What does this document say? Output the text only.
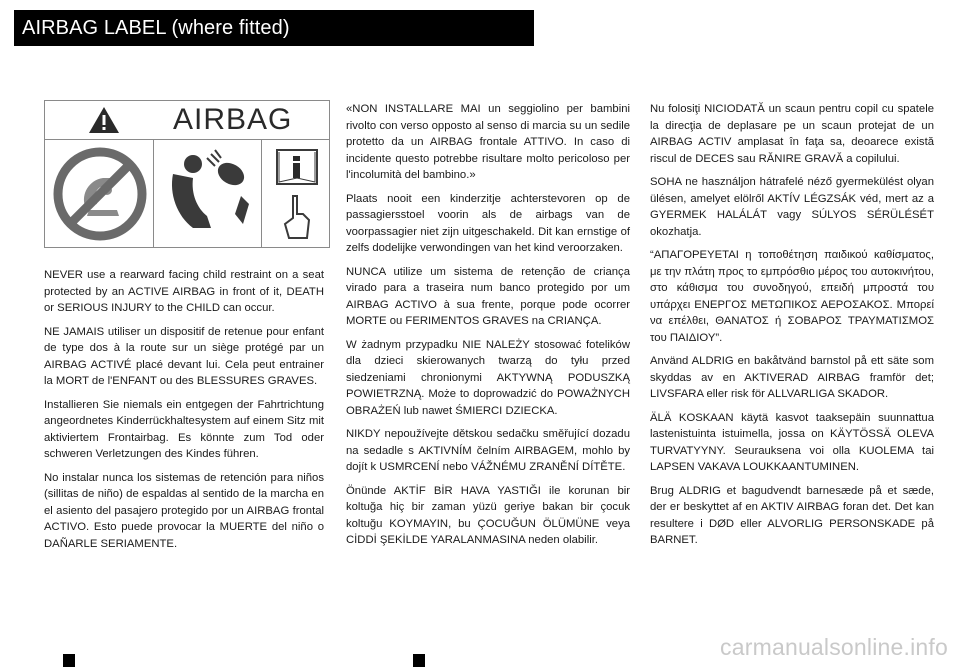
AIRBAG LABEL (where fitted)
AIRBAG

NEVER use a rearward facing child restraint on a seat protected by an ACTIVE AIRBAG in front of it, DEATH or SERIOUS INJURY to the CHILD can occur.

NE JAMAIS utiliser un dispositif de retenue pour enfant de type dos à la route sur un siège protégé par un AIRBAG ACTIVÉ placé devant lui. Cela peut entrainer la MORT de l'ENFANT ou des BLESSURES GRAVES.

Installieren Sie niemals ein entgegen der Fahrtrichtung angeordnetes Kinderrückhaltesystem auf einem Sitz mit aktiviertem Frontairbag. Es könnte zum Tod oder schweren Verletzungen des Kindes führen.

No instalar nunca los sistemas de retención para niños (sillitas de niño) de espaldas al sentido de la marcha en el asiento del pasajero protegido por un AIRBAG frontal ACTIVO. Esto puede provocar la MUERTE del niño o DAÑARLE SERIAMENTE.

«NON INSTALLARE MAI un seggiolino per bambini rivolto con verso opposto al senso di marcia su un sedile protetto da un AIRBAG frontale ATTIVO. In caso di incidente questo potrebbe risultare molto pericoloso per l'incolumità del bambino.»

Plaats nooit een kinderzitje achterstevoren op de passagiersstoel voorin als de airbags van de voorpassagier niet zijn uitgeschakeld. Dit kan ernstige of zelfs dodelijke verwondingen van het kind veroorzaken.

NUNCA utilize um sistema de retenção de criança virado para a traseira num banco protegido por um AIRBAG ACTIVO à sua frente, porque pode ocorrer MORTE ou FERIMENTOS GRAVES na CRIANÇA.

W żadnym przypadku NIE NALEŻY stosować fotelików dla dzieci skierowanych twarzą do tyłu przed siedzeniami chronionymi AKTYWNĄ PODUSZKĄ POWIETRZNĄ. Może to doprowadzić do POWAŻNYCH OBRAŻEŃ lub nawet ŚMIERCI DZIECKA.

NIKDY nepoužívejte dětskou sedačku směřující dozadu na sedadle s AKTIVNÍM čelním AIRBAGEM, mohlo by dojít k USMRCENÍ nebo VÁŽNÉMU ZRANĚNÍ DÍTĚTE.

Önünde AKTİF BİR HAVA YASTIĞI ile korunan bir koltuğa hiç bir zaman yüzü geriye bakan bir çocuk koltuğu KOYMAYIN, bu ÇOCUĞUN ÖLÜMÜNE veya CİDDİ ŞEKİLDE YARALANMASINA neden olabilir.

Nu folosiţi NICIODATĂ un scaun pentru copil cu spatele la direcţia de deplasare pe un scaun protejat de un AIRBAG ACTIV amplasat în faţa sa, deoarece există riscul de DECES sau RĂNIRE GRAVĂ a copilului.

SOHA ne használjon hátrafelé néző gyermekülést olyan ülésen, amelyet elölről AKTÍV LÉGZSÁK véd, mert az a GYERMEK HALÁLÁT vagy SÚLYOS SÉRÜLÉSÉT okozhatja.

“ΑΠΑΓΟΡΕΥΕΤΑΙ η τοποθέτηση παιδικού καθίσματος, με την πλάτη προς το εμπρόσθιο μέρος του αυτοκινήτου, στο κάθισμα του συνοδηγού, επειδή μπροστά του υπάρχει ΕΝΕΡΓΟΣ ΜΕΤΩΠΙΚΟΣ ΑΕΡΟΣΑΚΟΣ. Μπορεί να επέλθει, ΘΑΝΑΤΟΣ ή ΣΟΒΑΡΟΣ ΤΡΑΥΜΑΤΙΣΜΟΣ του ΠΑΙΔΙΟΥ”.

Använd ALDRIG en bakåtvänd barnstol på ett säte som skyddas av en AKTIVERAD AIRBAG framför det; LIVSFARA eller risk för ALLVARLIGA SKADOR.

ÄLÄ KOSKAAN käytä kasvot taaksepäin suunnattua lastenistuinta istuimella, jossa on KÄYTÖSSÄ OLEVA TURVATYYNY. Seurauksena voi olla KUOLEMA tai LAPSEN VAKAVA LOUKKAANTUMINEN.

Brug ALDRIG et bagudvendt barnesæde på et sæde, der er beskyttet af en AKTIV AIRBAG foran det. Det kan resultere i DØD eller ALVORLIG PERSONSKADE på BARNET.

carmanualsonline.info
